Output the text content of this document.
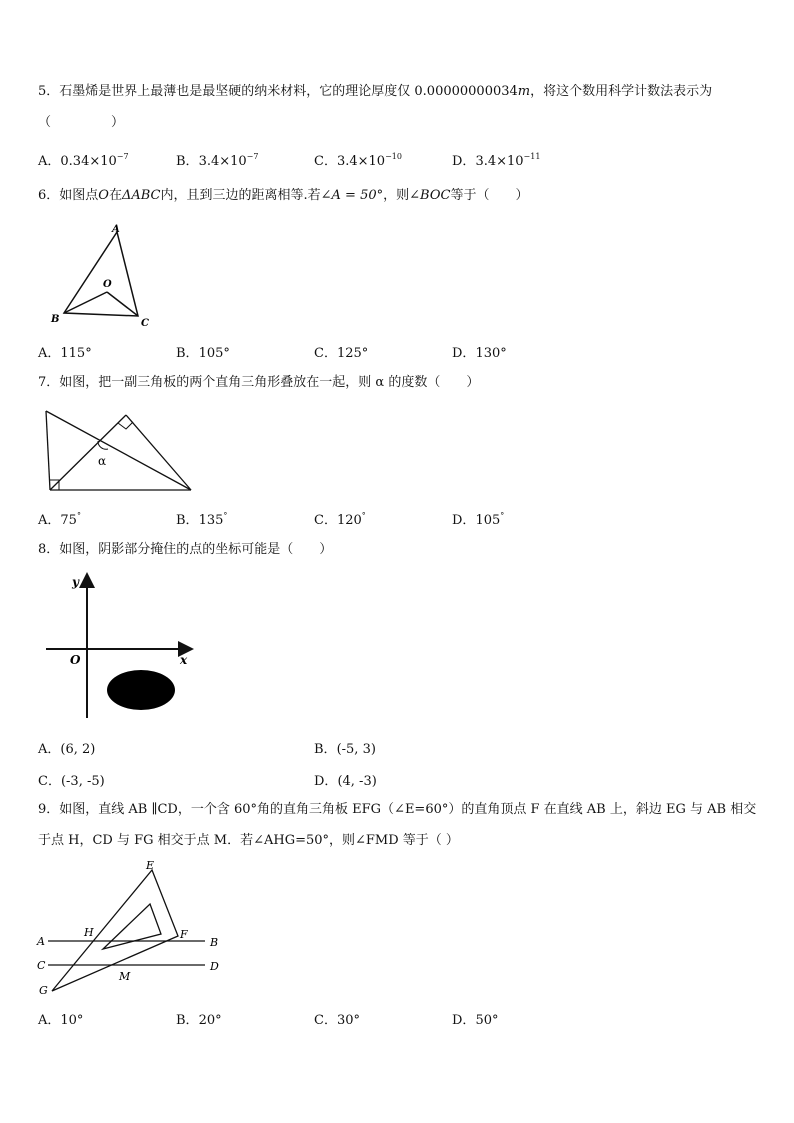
5．石墨烯是世界上最薄也是最坚硬的纳米材料，它的理论厚度仅 0.00000000034m，将这个数用科学计数法表示为
（	）
A．$0.34\times 10^{-7}$	B．$3.4\times 10^{-7}$	C．$3.4\times 10^{-10}$	D．$3.4\times 10^{-11}$
6．如图点O在ΔABC内，且到三边的距离相等.若∠A = 50°，则∠BOC等于（　　）
A
B	C
O
A．115°	B．105°	C．125°	D．130°
7．如图，把一副三角板的两个直角三角形叠放在一起，则 α 的度数（　　）
α
A．75°	B．135°	C．120°	D．105°
8．如图，阴影部分掩住的点的坐标可能是（　　）
y
x
O
A．(6, 2)	B．(-5, 3)
C．(-3, -5)	D．(4, -3)
9．如图，直线 AB ∥CD，一个含 60°角的直角三角板 EFG（∠E=60°）的直角顶点 F 在直线 AB 上，斜边 EG 与 AB 相交
于点 H，CD 与 FG 相交于点 M．若∠AHG=50°，则∠FMD 等于（ ）
E
F
G
H
M
A	B
C	D
A．10°	B．20°	C．30°	D．50°
